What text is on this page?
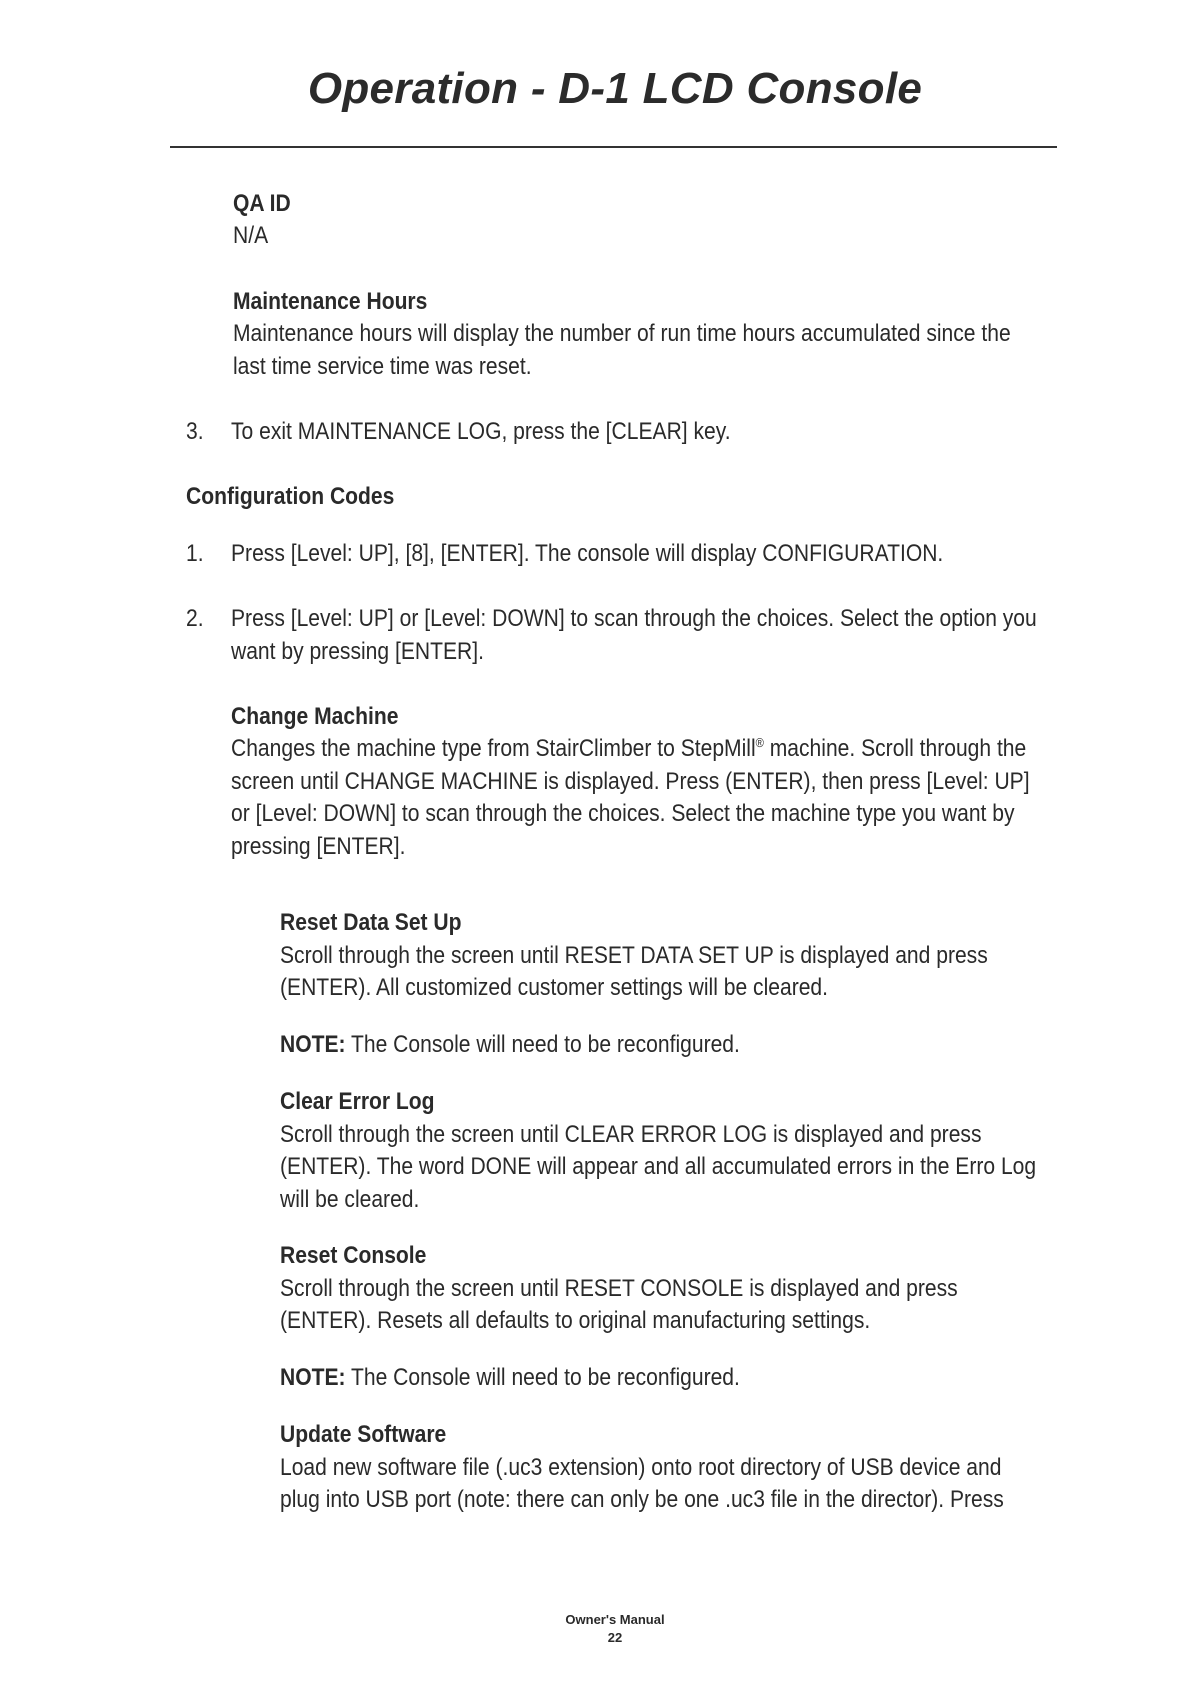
Operation - D-1 LCD Console

QA ID

N/A

Maintenance Hours

Maintenance hours will display the number of run time hours accumulated since the

last time service time was reset.

3. To exit MAINTENANCE LOG, press the [CLEAR] key.

Configuration Codes

1. Press [Level: UP], [8], [ENTER]. The console will display CONFIGURATION.

2. Press [Level: UP] or [Level: DOWN] to scan through the choices. Select the option you

want by pressing [ENTER].

Change Machine

Changes the machine type from StairClimber to StepMill® machine. Scroll through the

screen until CHANGE MACHINE is displayed. Press (ENTER), then press [Level: UP]

or [Level: DOWN] to scan through the choices. Select the machine type you want by

pressing [ENTER].

Reset Data Set Up

Scroll through the screen until RESET DATA SET UP is displayed and press

(ENTER). All customized customer settings will be cleared.

NOTE: The Console will need to be reconfigured.

Clear Error Log

Scroll through the screen until CLEAR ERROR LOG is displayed and press

(ENTER). The word DONE will appear and all accumulated errors in the Erro Log

will be cleared.

Reset Console

Scroll through the screen until RESET CONSOLE is displayed and press

(ENTER). Resets all defaults to original manufacturing settings.

NOTE: The Console will need to be reconfigured.

Update Software

Load new software file (.uc3 extension) onto root directory of USB device and

plug into USB port (note: there can only be one .uc3 file in the director). Press

Owner's Manual
22
